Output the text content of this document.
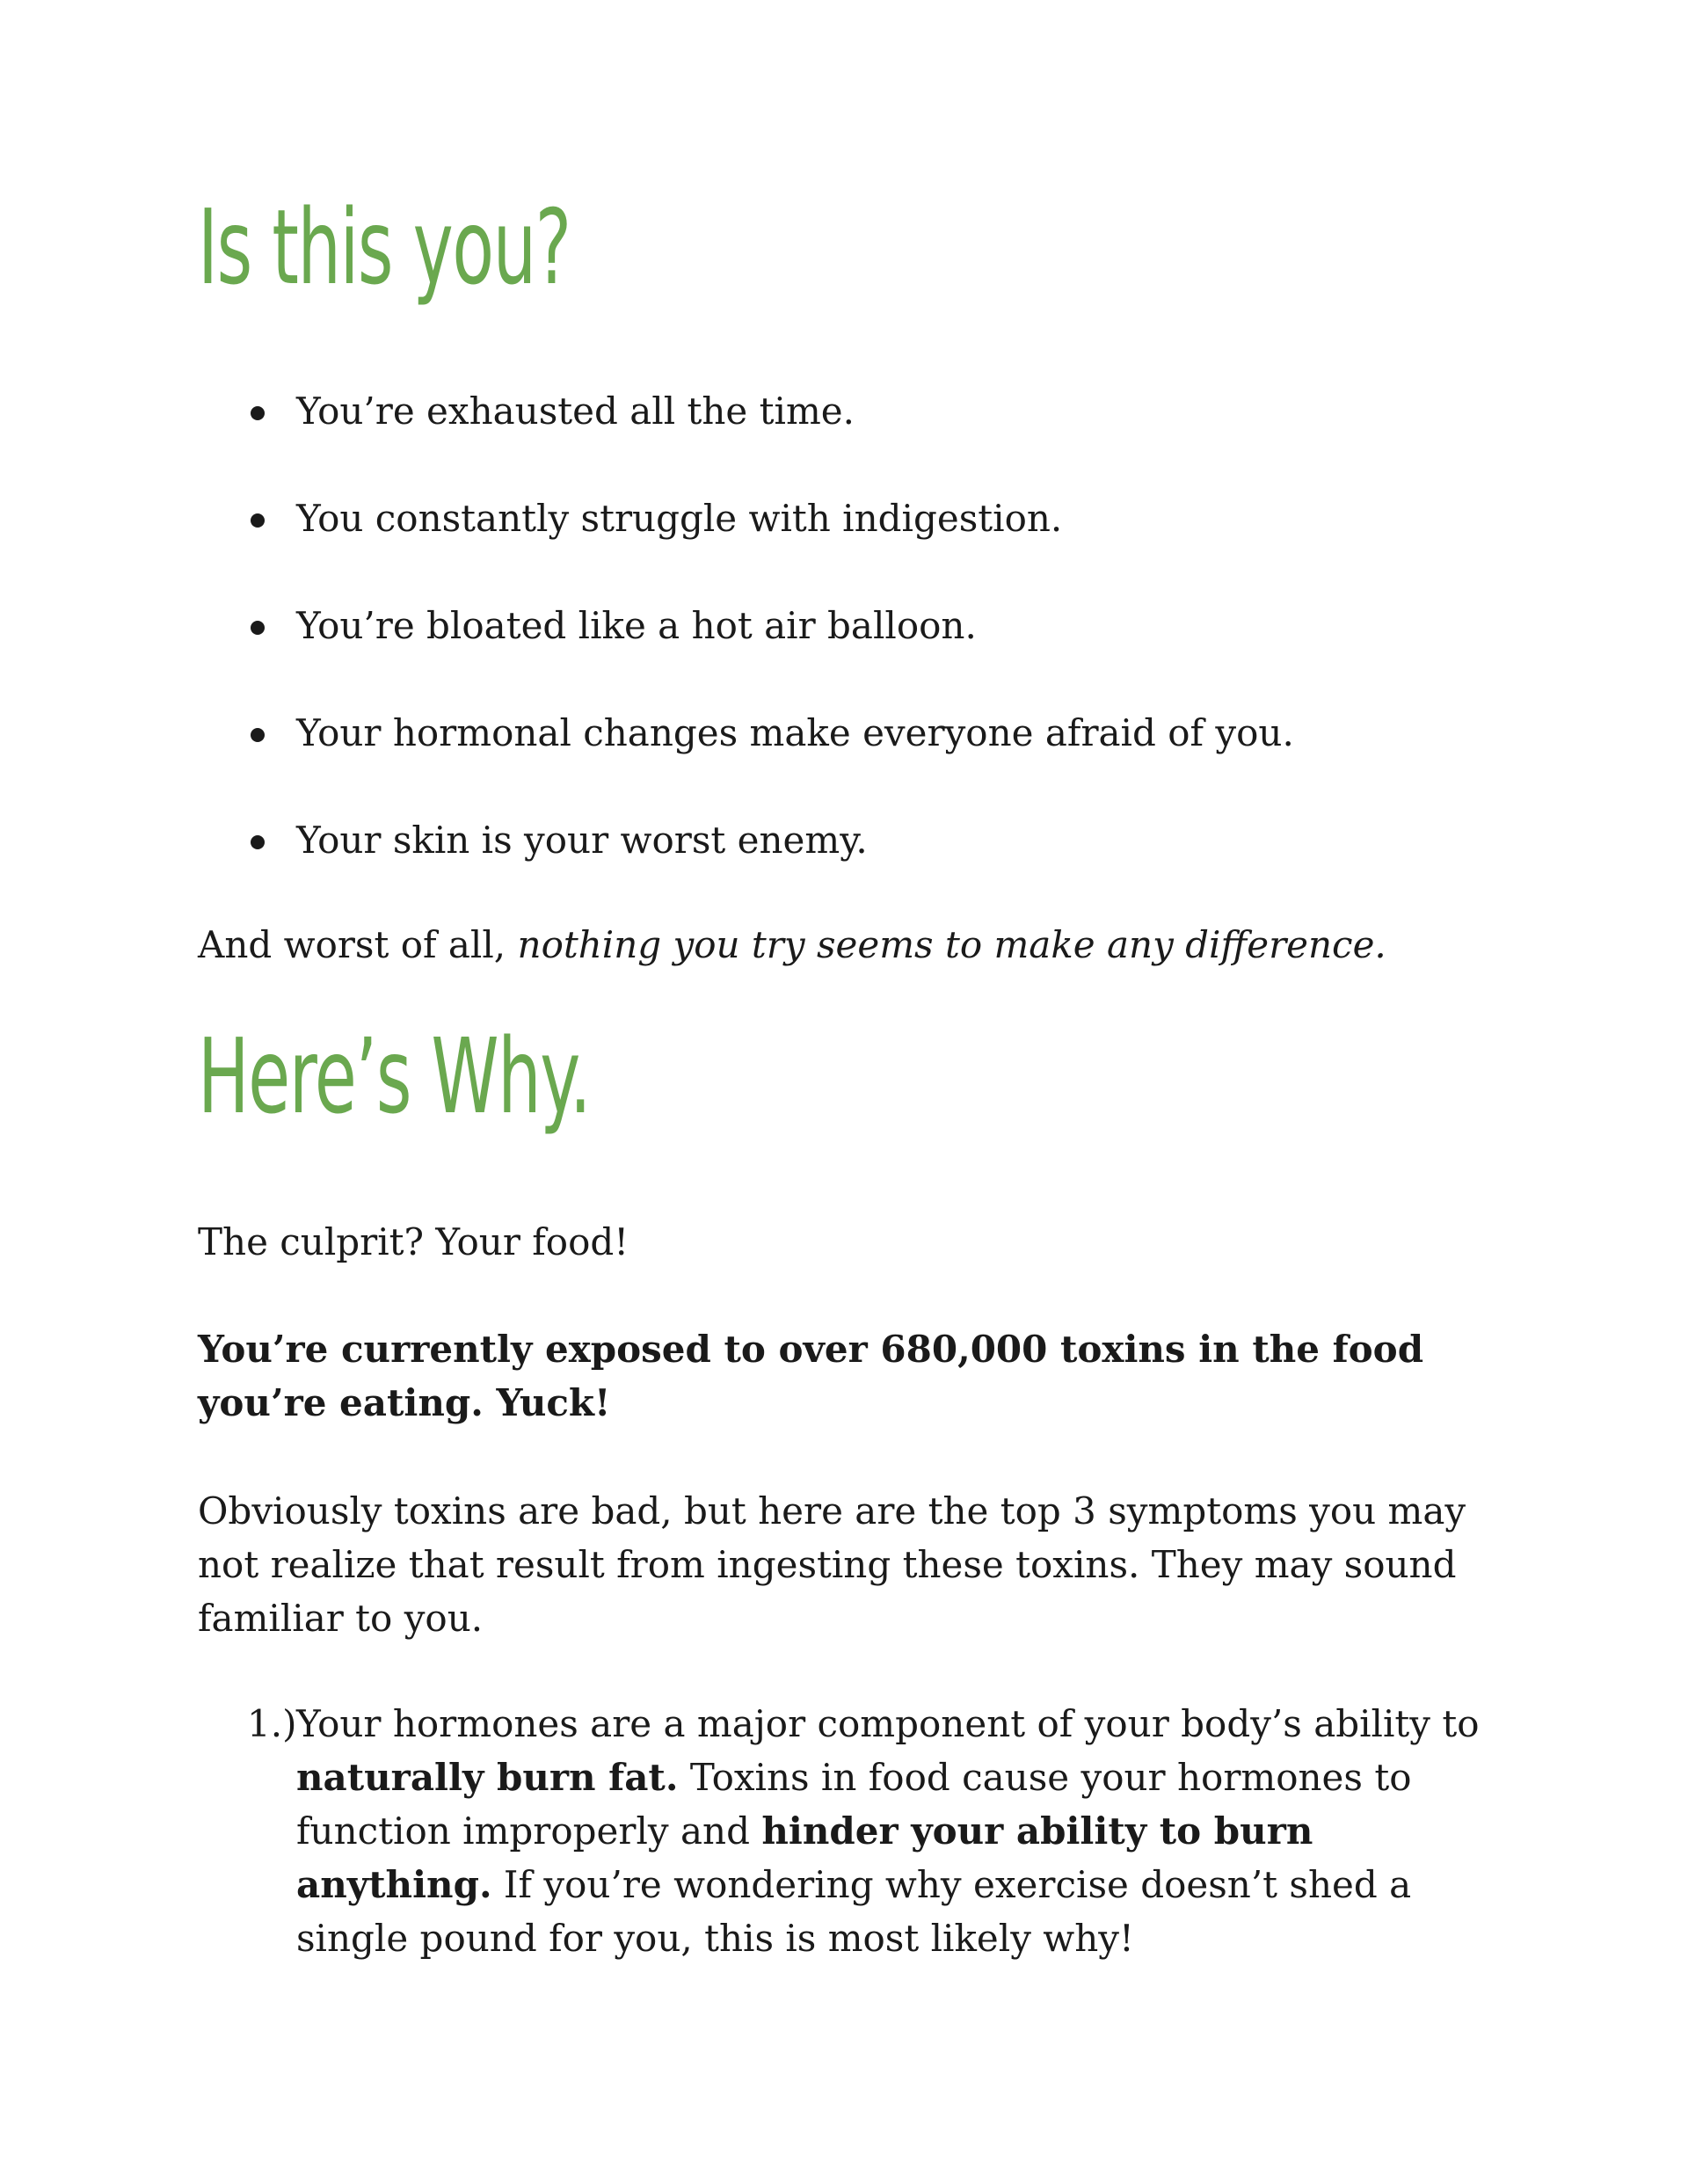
Is this you?
You’re exhausted all the time.
You constantly struggle with indigestion.
You’re bloated like a hot air balloon.
Your hormonal changes make everyone afraid of you.
Your skin is your worst enemy.

And worst of all, nothing you try seems to make any difference.

Here’s Why.

The culprit? Your food!

You’re currently exposed to over 680,000 toxins in the food you’re eating. Yuck!

Obviously toxins are bad, but here are the top 3 symptoms you may not realize that result from ingesting these toxins. They may sound familiar to you.

1.) Your hormones are a major component of your body’s ability to naturally burn fat. Toxins in food cause your hormones to function improperly and hinder your ability to burn anything. If you’re wondering why exercise doesn’t shed a single pound for you, this is most likely why!
